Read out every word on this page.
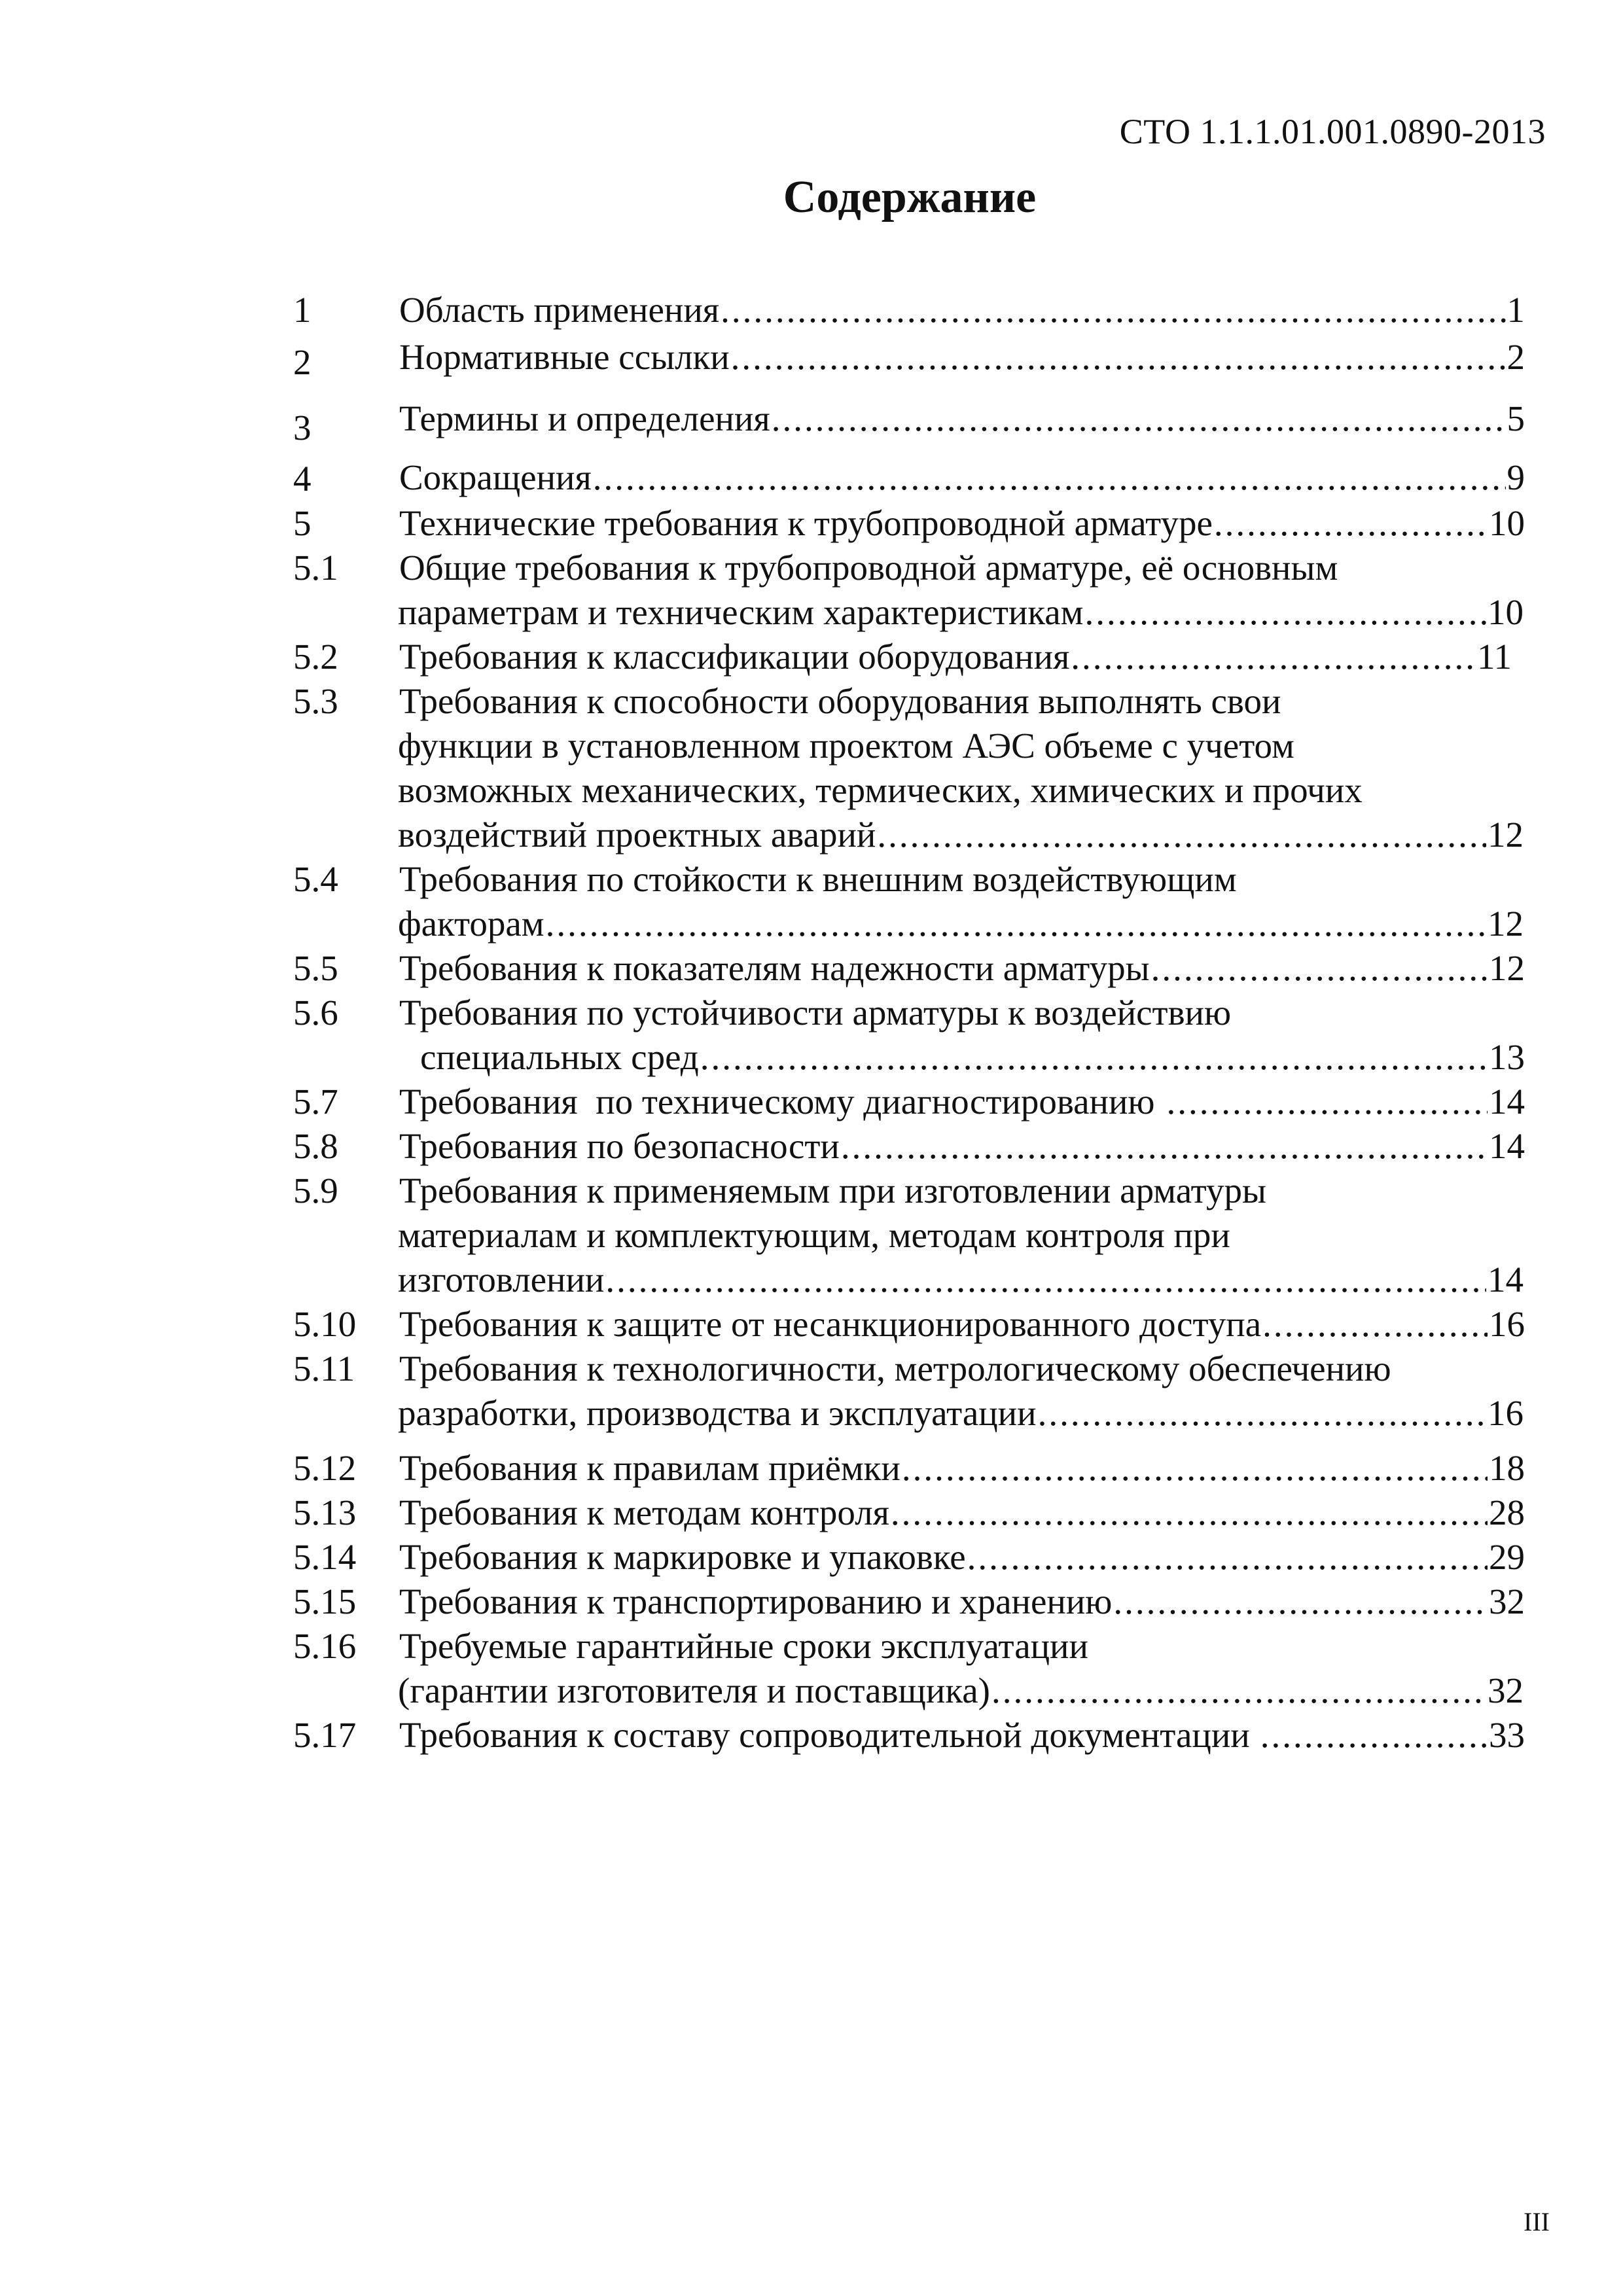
СТО 1.1.1.01.001.0890-2013
Содержание
1 Область применения .....	1
2 Нормативные ссылки .....	2
3 Термины и определения .....	5
4 Сокращения .....	9
5 Технические требования к трубопроводной арматуре .....	10
5.1 Общие требования к трубопроводной арматуре, её основным
параметрам и техническим характеристикам .....	10
5.2 Требования к классификации оборудования .....	11
5.3 Требования к способности оборудования выполнять свои
функции в установленном проектом АЭС объеме с учетом
возможных механических, термических, химических и прочих
воздействий проектных аварий .....	12
5.4 Требования по стойкости к внешним воздействующим
факторам .....	12
5.5 Требования к показателям надежности арматуры .....	12
5.6 Требования по устойчивости арматуры к воздействию
специальных сред .....	13
5.7 Требования  по техническому диагностированию .....	14
5.8 Требования по безопасности .....	14
5.9 Требования к применяемым при изготовлении арматуры
материалам и комплектующим, методам контроля при
изготовлении .....	14
5.10 Требования к защите от несанкционированного доступа .....	16
5.11 Требования к технологичности, метрологическому обеспечению
разработки, производства и эксплуатации .....	16
5.12 Требования к правилам приёмки .....	18
5.13 Требования к методам контроля .....	28
5.14 Требования к маркировке и упаковке .....	29
5.15 Требования к транспортированию и хранению .....	32
5.16 Требуемые гарантийные сроки эксплуатации
(гарантии изготовителя и поставщика) .....	32
5.17 Требования к составу сопроводительной документации .....	33
III
